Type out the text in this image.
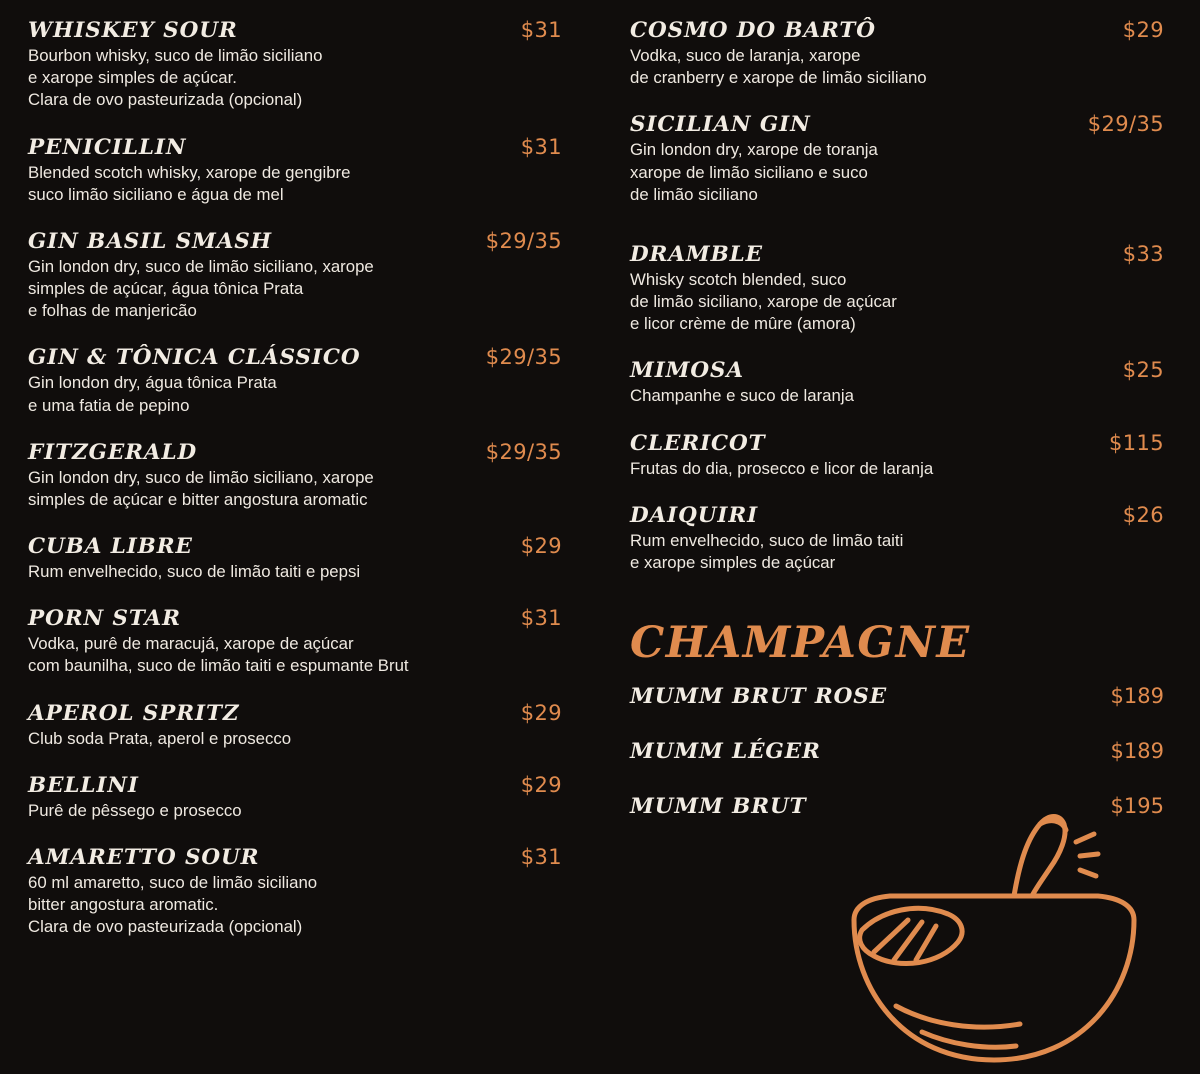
WHISKEY SOUR	$31
Bourbon whisky, suco de limão siciliano
e xarope simples de açúcar.
Clara de ovo pasteurizada (opcional)
PENICILLIN	$31
Blended scotch whisky, xarope de gengibre
suco limão siciliano e água de mel
GIN BASIL SMASH	$29/35
Gin london dry, suco de limão siciliano, xarope
simples de açúcar, água tônica Prata
e folhas de manjericão
GIN & TÔNICA CLÁSSICO	$29/35
Gin london dry, água tônica Prata
e uma fatia de pepino
FITZGERALD	$29/35
Gin london dry, suco de limão siciliano, xarope
simples de açúcar e bitter angostura aromatic
CUBA LIBRE	$29
Rum envelhecido, suco de limão taiti e pepsi
PORN STAR	$31
Vodka, purê de maracujá, xarope de açúcar
com baunilha, suco de limão taiti e espumante Brut
APEROL SPRITZ	$29
Club soda Prata, aperol e prosecco
BELLINI	$29
Purê de pêssego e prosecco
AMARETTO SOUR	$31
60 ml amaretto, suco de limão siciliano
bitter angostura aromatic.
Clara de ovo pasteurizada (opcional)
COSMO DO BARTÔ	$29
Vodka, suco de laranja, xarope
de cranberry e xarope de limão siciliano
SICILIAN GIN	$29/35
Gin london dry, xarope de toranja
xarope de limão siciliano e suco
de limão siciliano
DRAMBLE	$33
Whisky scotch blended, suco
de limão siciliano, xarope de açúcar
e licor crème de mûre (amora)
MIMOSA	$25
Champanhe e suco de laranja
CLERICOT	$115
Frutas do dia, prosecco e licor de laranja
DAIQUIRI	$26
Rum envelhecido, suco de limão taiti
e xarope simples de açúcar
CHAMPAGNE
MUMM BRUT ROSE	$189
MUMM LÉGER	$189
MUMM BRUT	$195
